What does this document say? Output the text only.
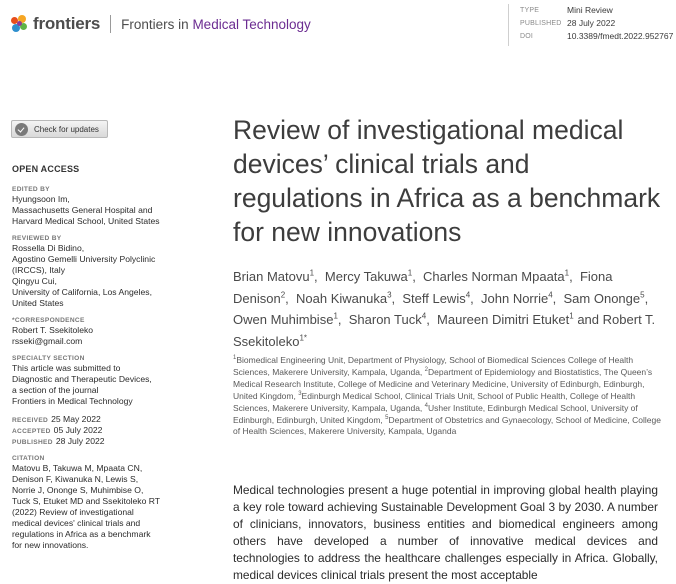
frontiers Frontiers in Medical Technology
TYPE	Mini Review
PUBLISHED 28 July 2022
DOI	10.3389/fmedt.2022.952767
Check for updates
OPEN ACCESS
EDITED BY
Hyungsoon Im,
Massachusetts General Hospital and
Harvard Medical School, United States
REVIEWED BY
Rossella Di Bidino,
Agostino Gemelli University Polyclinic
(IRCCS), Italy
Qingyu Cui,
University of California, Los Angeles,
United States
*CORRESPONDENCE
Robert T. Ssekitoleko
rsseki@gmail.com
SPECIALTY SECTION
This article was submitted to
Diagnostic and Therapeutic Devices,
a section of the journal
Frontiers in Medical Technology
RECEIVED 25 May 2022
ACCEPTED 05 July 2022
PUBLISHED 28 July 2022
CITATION
Matovu B, Takuwa M, Mpaata CN,
Denison F, Kiwanuka N, Lewis S,
Norrie J, Ononge S, Muhimbise O,
Tuck S, Etuket MD and Ssekitoleko RT
(2022) Review of investigational
medical devices' clinical trials and
regulations in Africa as a benchmark
for new innovations.
Review of investigational medical devices’ clinical trials and regulations in Africa as a benchmark for new innovations
Brian Matovu$^1$,  Mercy Takuwa$^1$,  Charles Norman Mpaata$^1$,  Fiona Denison$^2$,  Noah Kiwanuka$^3$,  Steff Lewis$^4$,  John Norrie$^4$,  Sam Ononge$^5$,  Owen Muhimbise$^1$,  Sharon Tuck$^4$,  Maureen Dimitri Etuket$^1$ and Robert T. Ssekitoleko$^{1*}$
$^1$Biomedical Engineering Unit, Department of Physiology, School of Biomedical Sciences College of Health Sciences, Makerere University, Kampala, Uganda, $^2$Department of Epidemiology and Biostatistics, The Queen’s Medical Research Institute, College of Medicine and Veterinary Medicine, University of Edinburgh, Edinburgh, United Kingdom, $^3$Edinburgh Medical School, Clinical Trials Unit, School of Public Health, College of Health Sciences, Makerere University, Kampala, Uganda, $^4$Usher Institute, Edinburgh Medical School, University of Edinburgh, Edinburgh, United Kingdom, $^5$Department of Obstetrics and Gynaecology, School of Medicine, College of Health Sciences, Makerere University, Kampala, Uganda

Medical technologies present a huge potential in improving global health playing a key role toward achieving Sustainable Development Goal 3 by 2030. A number of clinicians, innovators, business entities and biomedical engineers among others have developed a number of innovative medical devices and technologies to address the healthcare challenges especially in Africa. Globally, medical devices clinical trials present the most acceptable
